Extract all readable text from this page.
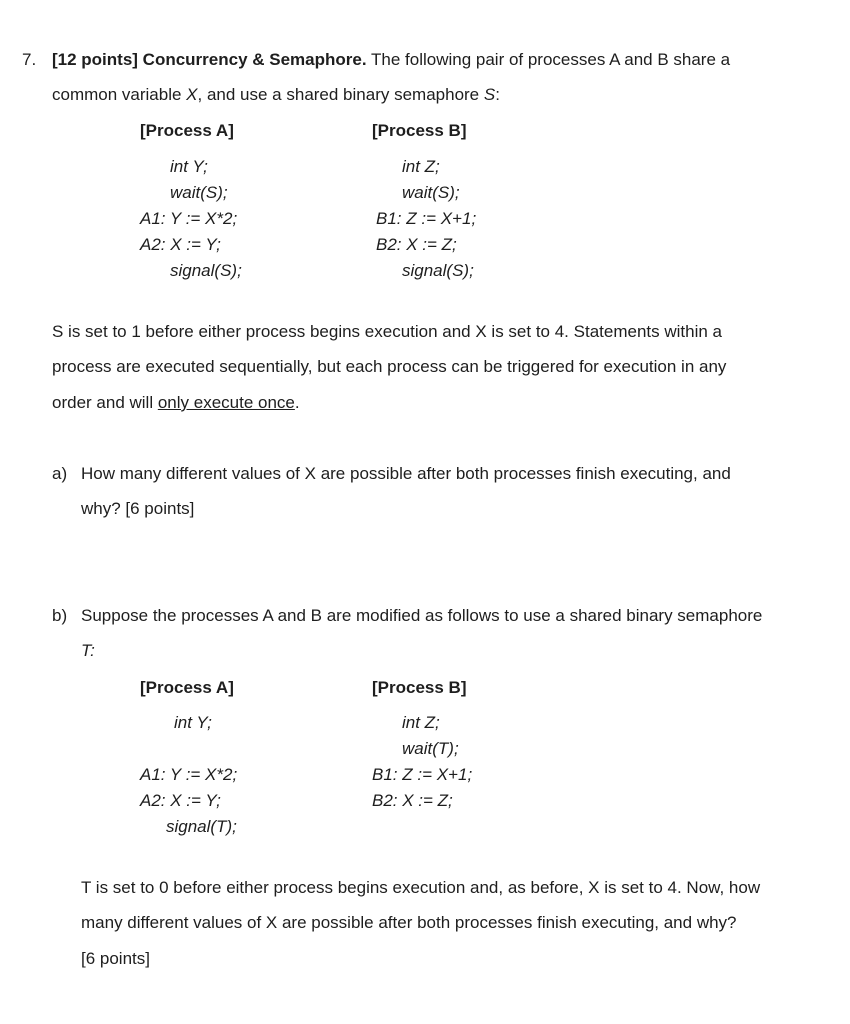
7. [12 points] Concurrency & Semaphore. The following pair of processes A and B share a
common variable X, and use a shared binary semaphore S:
[Process A]	[Process B]
int Y;
wait(S);
A1: Y := X*2;
A2: X := Y;
signal(S);
int Z;
wait(S);
B1: Z := X+1;
B2: X := Z;
signal(S);
S is set to 1 before either process begins execution and X is set to 4. Statements within a
process are executed sequentially, but each process can be triggered for execution in any
order and will only execute once.
a) How many different values of X are possible after both processes finish executing, and
why? [6 points]
b) Suppose the processes A and B are modified as follows to use a shared binary semaphore
T:
[Process A]	[Process B]
int Y;
A1: Y := X*2;
A2: X := Y;
signal(T);
int Z;
wait(T);
B1: Z := X+1;
B2: X := Z;
T is set to 0 before either process begins execution and, as before, X is set to 4. Now, how
many different values of X are possible after both processes finish executing, and why?
[6 points]
